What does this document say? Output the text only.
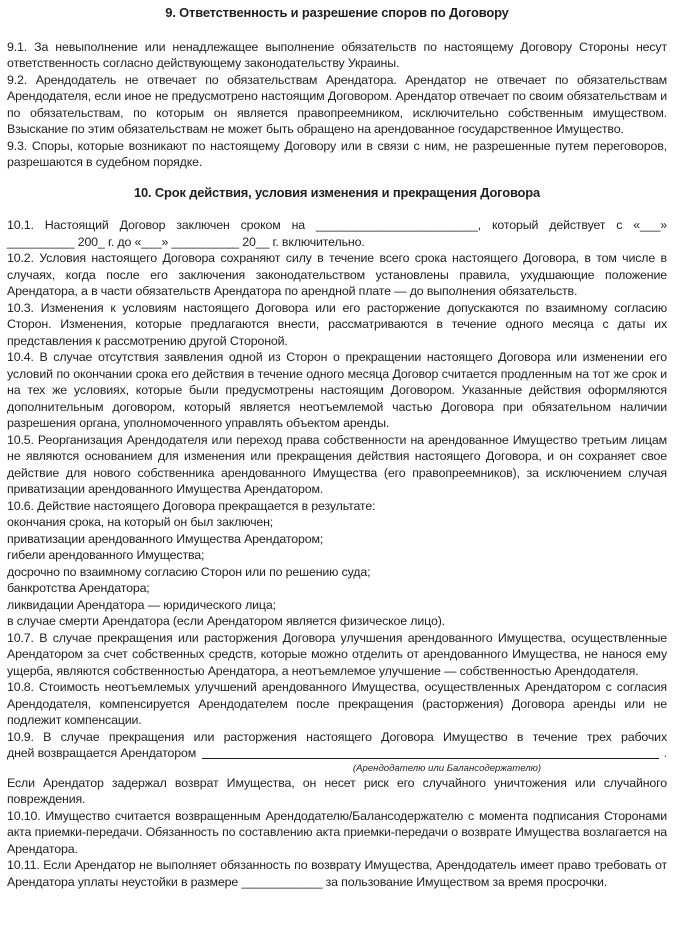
9. Ответственность и разрешение споров по Договору

9.1. За невыполнение или ненадлежащее выполнение обязательств по настоящему Договору Стороны несут ответственность согласно действующему законодательству Украины.

9.2. Арендодатель не отвечает по обязательствам Арендатора. Арендатор не отвечает по обязательствам Арендодателя, если иное не предусмотрено настоящим Договором. Арендатор отвечает по своим обязательствам и по обязательствам, по которым он является правопреемником, исключительно собственным имуществом. Взыскание по этим обязательствам не может быть обращено на арендованное государственное Имущество.

9.3. Споры, которые возникают по настоящему Договору или в связи с ним, не разрешенные путем переговоров, разрешаются в судебном порядке.

10. Срок действия, условия изменения и прекращения Договора
10.1. Настоящий Договор заключен сроком на ________________________, который действует с «___»
__________ 200_ г. до «___» __________ 20__ г. включительно.

10.2. Условия настоящего Договора сохраняют силу в течение всего срока настоящего Договора, в том числе в случаях, когда после его заключения законодательством установлены правила, ухудшающие положение Арендатора, а в части обязательств Арендатора по арендной плате — до выполнения обязательств.

10.3. Изменения к условиям настоящего Договора или его расторжение допускаются по взаимному согласию Сторон. Изменения, которые предлагаются внести, рассматриваются в течение одного месяца с даты их представления к рассмотрению другой Стороной.

10.4. В случае отсутствия заявления одной из Сторон о прекращении настоящего Договора или изменении его условий по окончании срока его действия в течение одного месяца Договор считается продленным на тот же срок и на тех же условиях, которые были предусмотрены настоящим Договором. Указанные действия оформляются дополнительным договором, который является неотъемлемой частью Договора при обязательном наличии разрешения органа, уполномоченного управлять объектом аренды.

10.5. Реорганизация Арендодателя или переход права собственности на арендованное Имущество третьим лицам не являются основанием для изменения или прекращения действия настоящего Договора, и он сохраняет свое действие для нового собственника арендованного Имущества (его правопреемников), за исключением случая приватизации арендованного Имущества Арендатором.

10.6. Действие настоящего Договора прекращается в результате:
окончания срока, на который он был заключен;
приватизации арендованного Имущества Арендатором;
гибели арендованного Имущества;
досрочно по взаимному согласию Сторон или по решению суда;
банкротства Арендатора;
ликвидации Арендатора — юридического лица;
в случае смерти Арендатора (если Арендатором является физическое лицо).

10.7. В случае прекращения или расторжения Договора улучшения арендованного Имущества, осуществленные Арендатором за счет собственных средств, которые можно отделить от арендованного Имущества, не нанося ему ущерба, являются собственностью Арендатора, а неотъемлемое улучшение — собственностью Арендодателя.

10.8. Стоимость неотъемлемых улучшений арендованного Имущества, осуществленных Арендатором с согласия Арендодателя, компенсируется Арендодателем после прекращения (расторжения) Договора аренды или не подлежит компенсации.

10.9. В случае прекращения или расторжения настоящего Договора Имущество в течение трех рабочих
дней возвращается Арендатором	.
(Арендодателю или Балансодержателю)

Если Арендатор задержал возврат Имущества, он несет риск его случайного уничтожения или случайного повреждения.

10.10. Имущество считается возвращенным Арендодателю/Балансодержателю с момента подписания Сторонами акта приемки-передачи. Обязанность по составлению акта приемки-передачи о возврате Имущества возлагается на Арендатора.

10.11. Если Арендатор не выполняет обязанность по возврату Имущества, Арендодатель имеет право требовать от Арендатора уплаты неустойки в размере ____________ за пользование Имуществом за время просрочки.
